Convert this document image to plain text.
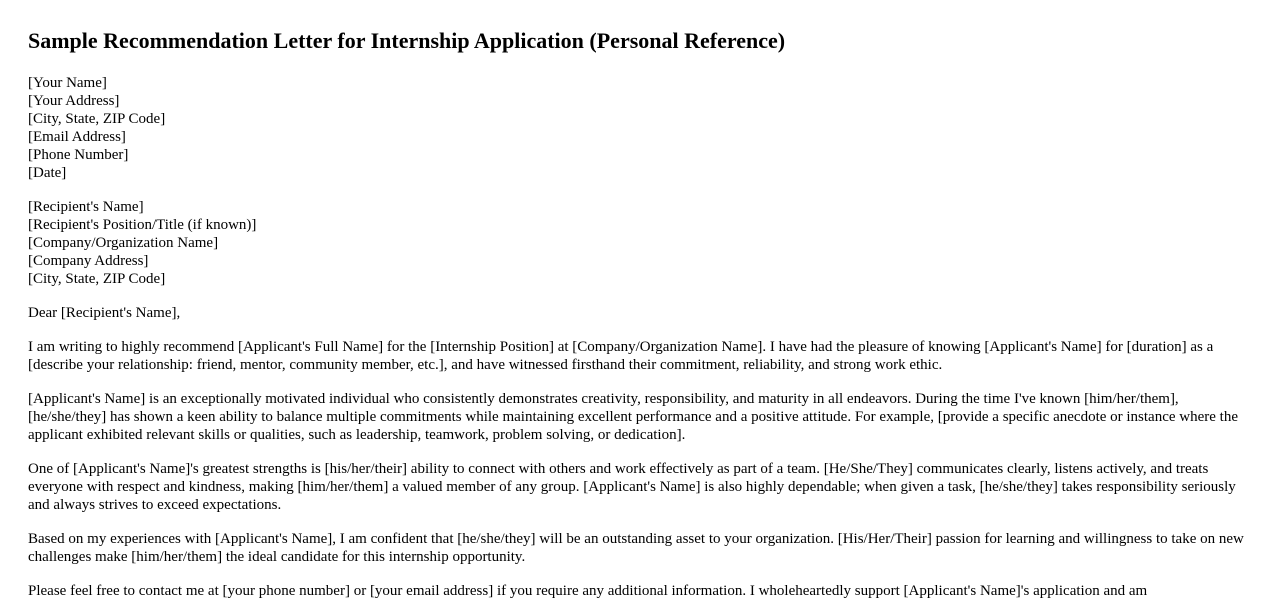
Sample Recommendation Letter for Internship Application (Personal Reference)
[Your Name]
[Your Address]
[City, State, ZIP Code]
[Email Address]
[Phone Number]
[Date]
[Recipient's Name]
[Recipient's Position/Title (if known)]
[Company/Organization Name]
[Company Address]
[City, State, ZIP Code]

Dear [Recipient's Name],

I am writing to highly recommend [Applicant's Full Name] for the [Internship Position] at [Company/Organization Name]. I have had the pleasure of knowing [Applicant's Name] for [duration] as a [describe your relationship: friend, mentor, community member, etc.], and have witnessed firsthand their commitment, reliability, and strong work ethic.

[Applicant's Name] is an exceptionally motivated individual who consistently demonstrates creativity, responsibility, and maturity in all endeavors. During the time I've known [him/her/them], [he/she/they] has shown a keen ability to balance multiple commitments while maintaining excellent performance and a positive attitude. For example, [provide a specific anecdote or instance where the applicant exhibited relevant skills or qualities, such as leadership, teamwork, problem solving, or dedication].

One of [Applicant's Name]'s greatest strengths is [his/her/their] ability to connect with others and work effectively as part of a team. [He/She/They] communicates clearly, listens actively, and treats everyone with respect and kindness, making [him/her/them] a valued member of any group. [Applicant's Name] is also highly dependable; when given a task, [he/she/they] takes responsibility seriously and always strives to exceed expectations.

Based on my experiences with [Applicant's Name], I am confident that [he/she/they] will be an outstanding asset to your organization. [His/Her/Their] passion for learning and willingness to take on new challenges make [him/her/them] the ideal candidate for this internship opportunity.

Please feel free to contact me at [your phone number] or [your email address] if you require any additional information. I wholeheartedly support [Applicant's Name]'s application and am
